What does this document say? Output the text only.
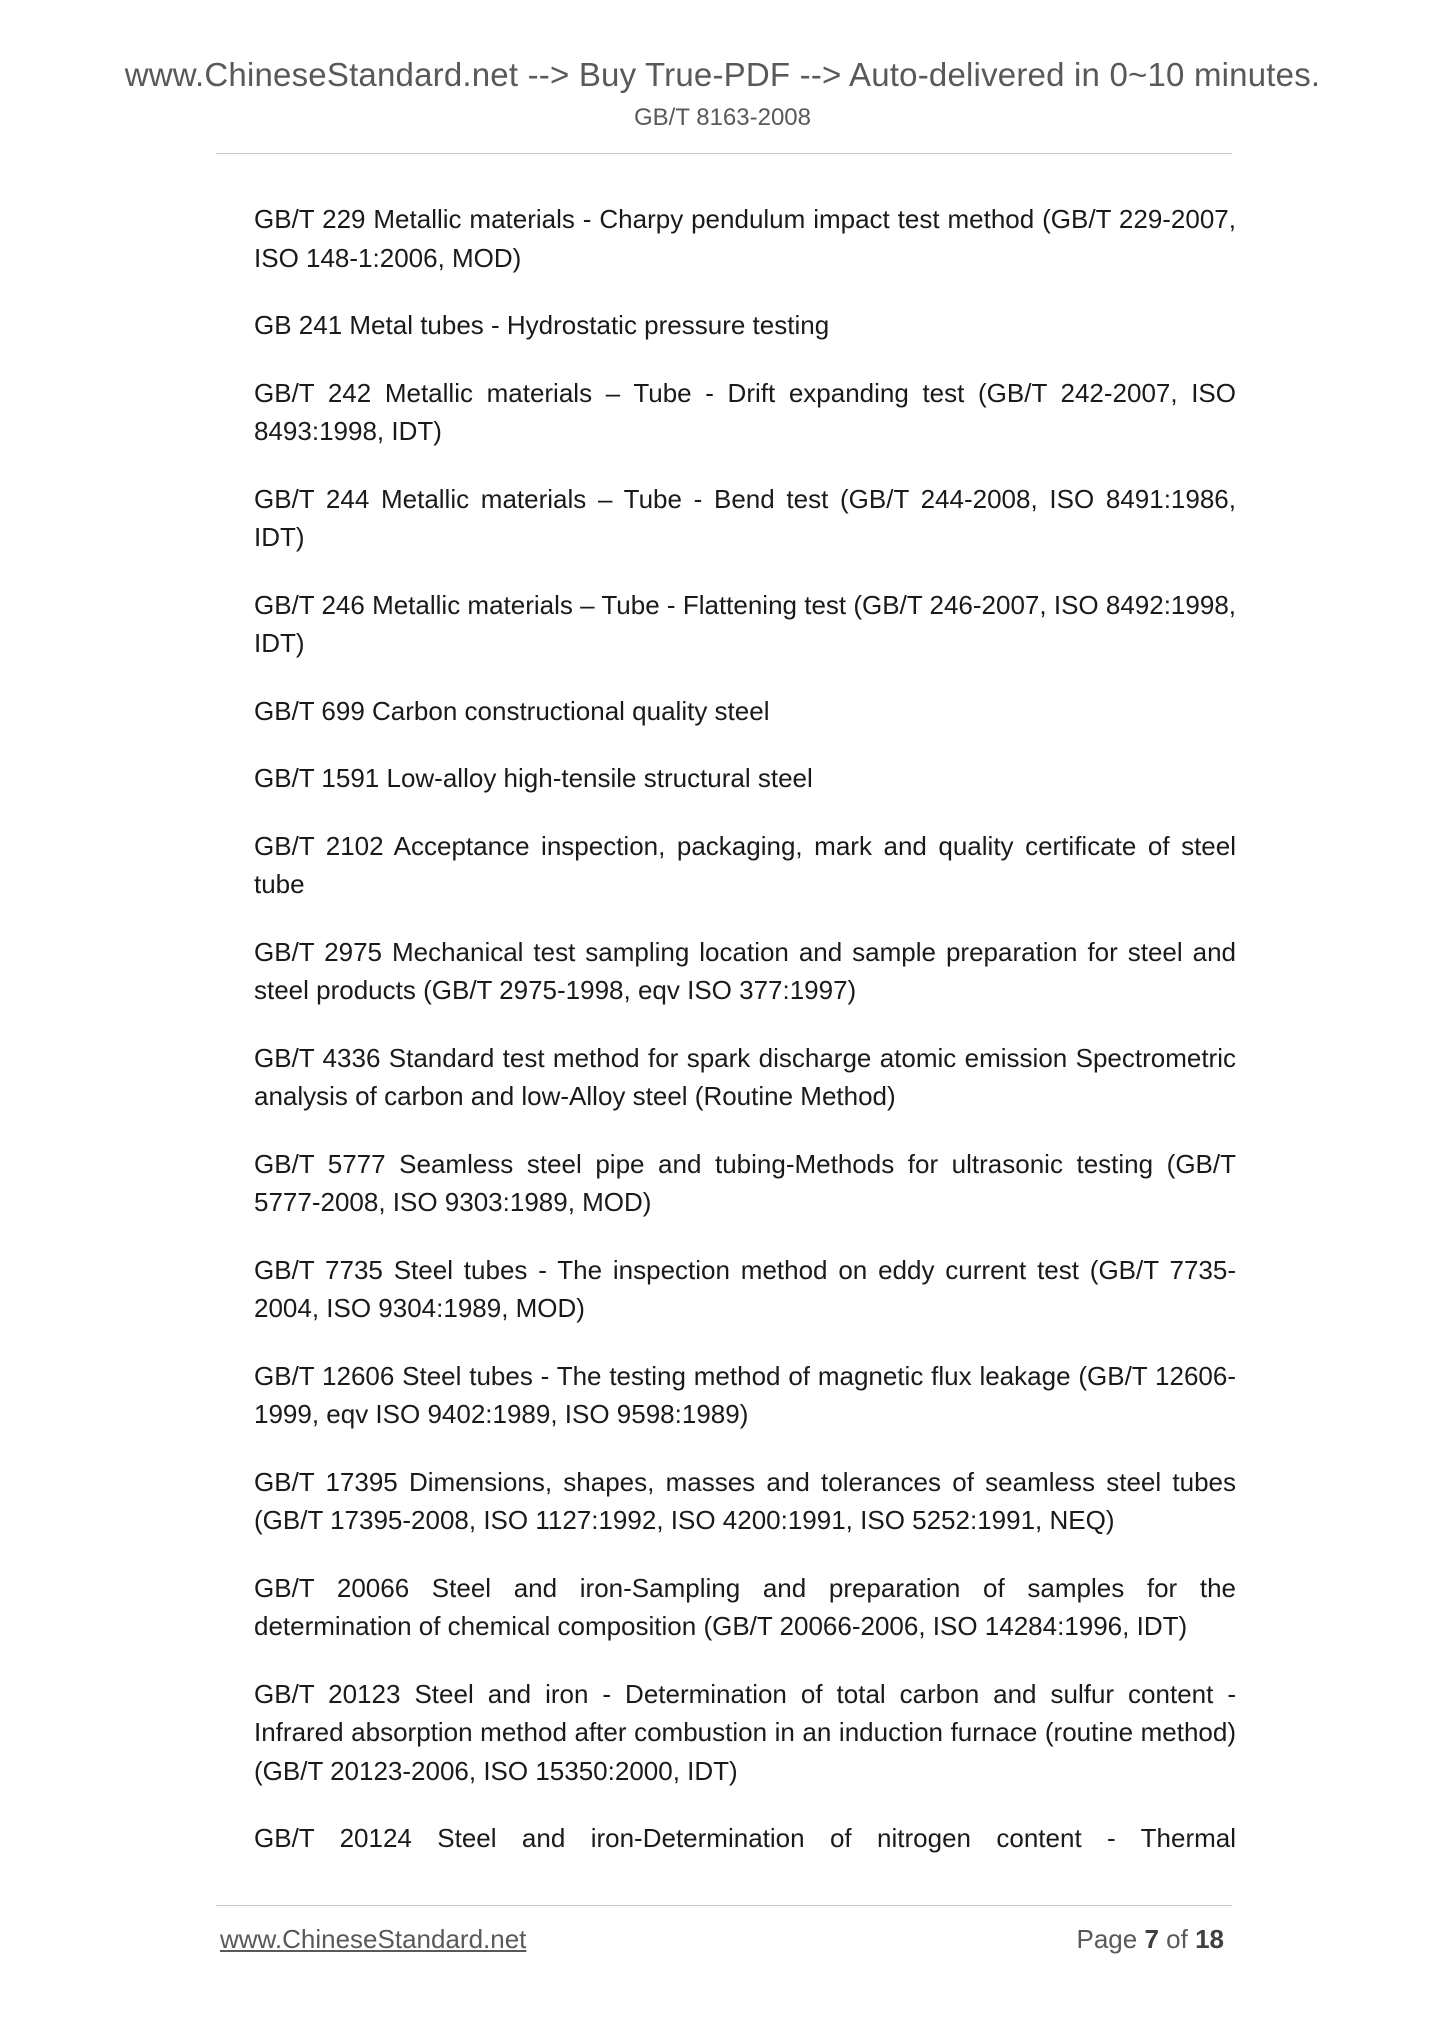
www.ChineseStandard.net --> Buy True-PDF --> Auto-delivered in 0~10 minutes.
GB/T 8163-2008
GB/T 229 Metallic materials - Charpy pendulum impact test method (GB/T 229-2007, ISO 148-1:2006, MOD)
GB 241 Metal tubes - Hydrostatic pressure testing
GB/T 242 Metallic materials – Tube - Drift expanding test (GB/T 242-2007, ISO 8493:1998, IDT)
GB/T 244 Metallic materials – Tube - Bend test (GB/T 244-2008, ISO 8491:1986, IDT)
GB/T 246 Metallic materials – Tube - Flattening test (GB/T 246-2007, ISO 8492:1998, IDT)
GB/T 699 Carbon constructional quality steel
GB/T 1591 Low-alloy high-tensile structural steel
GB/T 2102 Acceptance inspection, packaging, mark and quality certificate of steel tube
GB/T 2975 Mechanical test sampling location and sample preparation for steel and steel products (GB/T 2975-1998, eqv ISO 377:1997)
GB/T 4336 Standard test method for spark discharge atomic emission Spectrometric analysis of carbon and low-Alloy steel (Routine Method)
GB/T 5777 Seamless steel pipe and tubing-Methods for ultrasonic testing (GB/T 5777-2008, ISO 9303:1989, MOD)
GB/T 7735 Steel tubes - The inspection method on eddy current test (GB/T 7735-2004, ISO 9304:1989, MOD)
GB/T 12606 Steel tubes - The testing method of magnetic flux leakage (GB/T 12606-1999, eqv ISO 9402:1989, ISO 9598:1989)
GB/T 17395 Dimensions, shapes, masses and tolerances of seamless steel tubes (GB/T 17395-2008, ISO 1127:1992, ISO 4200:1991, ISO 5252:1991, NEQ)
GB/T 20066 Steel and iron-Sampling and preparation of samples for the determination of chemical composition (GB/T 20066-2006, ISO 14284:1996, IDT)
GB/T 20123 Steel and iron - Determination of total carbon and sulfur content - Infrared absorption method after combustion in an induction furnace (routine method) (GB/T 20123-2006, ISO 15350:2000, IDT)
GB/T 20124 Steel and iron-Determination of nitrogen content - Thermal
www.ChineseStandard.net	Page 7 of 18
